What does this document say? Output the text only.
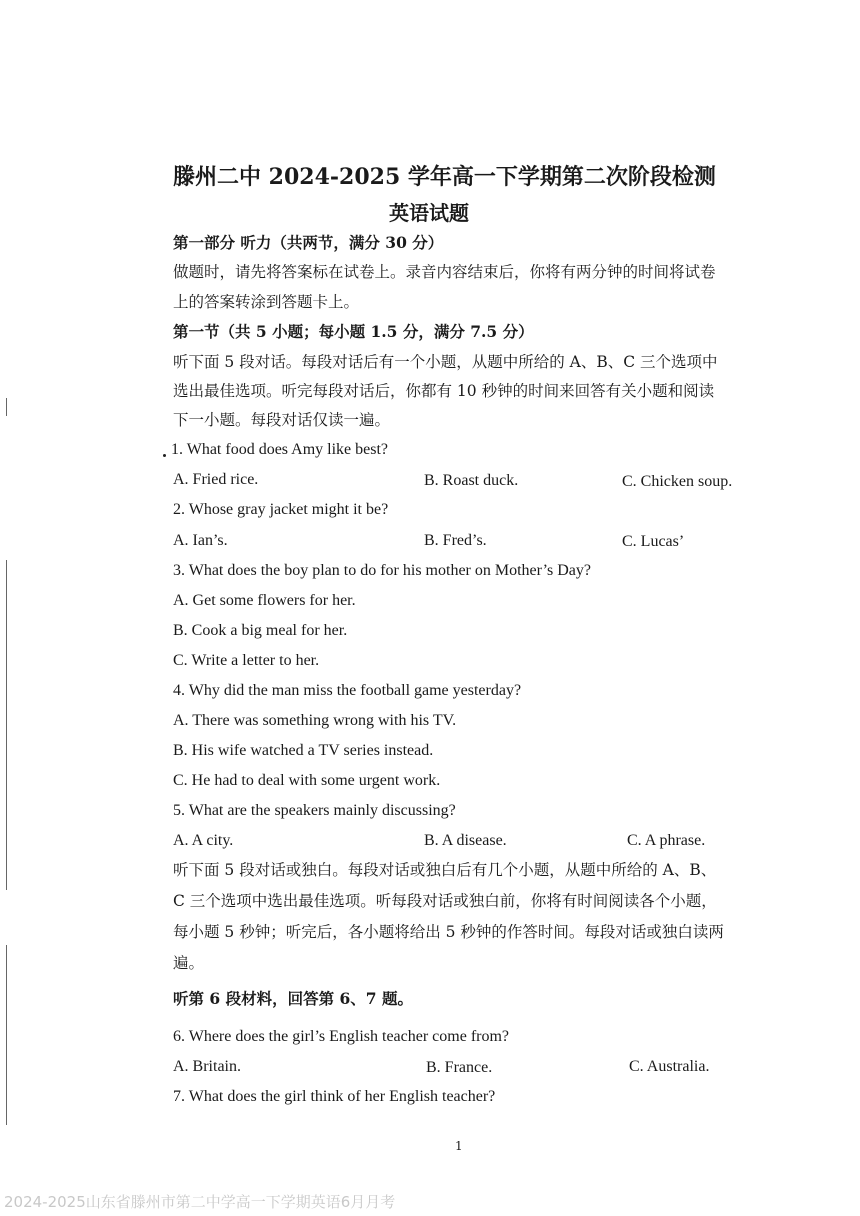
滕州二中 2024-2025 学年高一下学期第二次阶段检测
英语试题
第一部分 听力（共两节，满分 30 分）
做题时，请先将答案标在试卷上。录音内容结束后，你将有两分钟的时间将试卷
上的答案转涂到答题卡上。
第一节（共 5 小题；每小题 1.5 分，满分 7.5 分）
听下面 5 段对话。每段对话后有一个小题，从题中所给的 A、B、C 三个选项中
选出最佳选项。听完每段对话后，你都有 10 秒钟的时间来回答有关小题和阅读
下一小题。每段对话仅读一遍。
1. What food does Amy like best?
A. Fried rice.	B. Roast duck.	C. Chicken soup.
2. Whose gray jacket might it be?
A. Ian’s.	B. Fred’s.	C. Lucas’
3. What does the boy plan to do for his mother on Mother’s Day?
A. Get some flowers for her.
B. Cook a big meal for her.
C. Write a letter to her.
4. Why did the man miss the football game yesterday?
A. There was something wrong with his TV.
B. His wife watched a TV series instead.
C. He had to deal with some urgent work.
5. What are the speakers mainly discussing?
A. A city.	B. A disease.	C. A phrase.
听下面 5 段对话或独白。每段对话或独白后有几个小题，从题中所给的 A、B、
C 三个选项中选出最佳选项。听每段对话或独白前，你将有时间阅读各个小题，
每小题 5 秒钟；听完后，各小题将给出 5 秒钟的作答时间。每段对话或独白读两
遍。
听第 6 段材料，回答第 6、7 题。
6. Where does the girl’s English teacher come from?
A. Britain.	B. France.	C. Australia.
7. What does the girl think of her English teacher?
1
2024-2025山东省滕州市第二中学高一下学期英语6月月考
